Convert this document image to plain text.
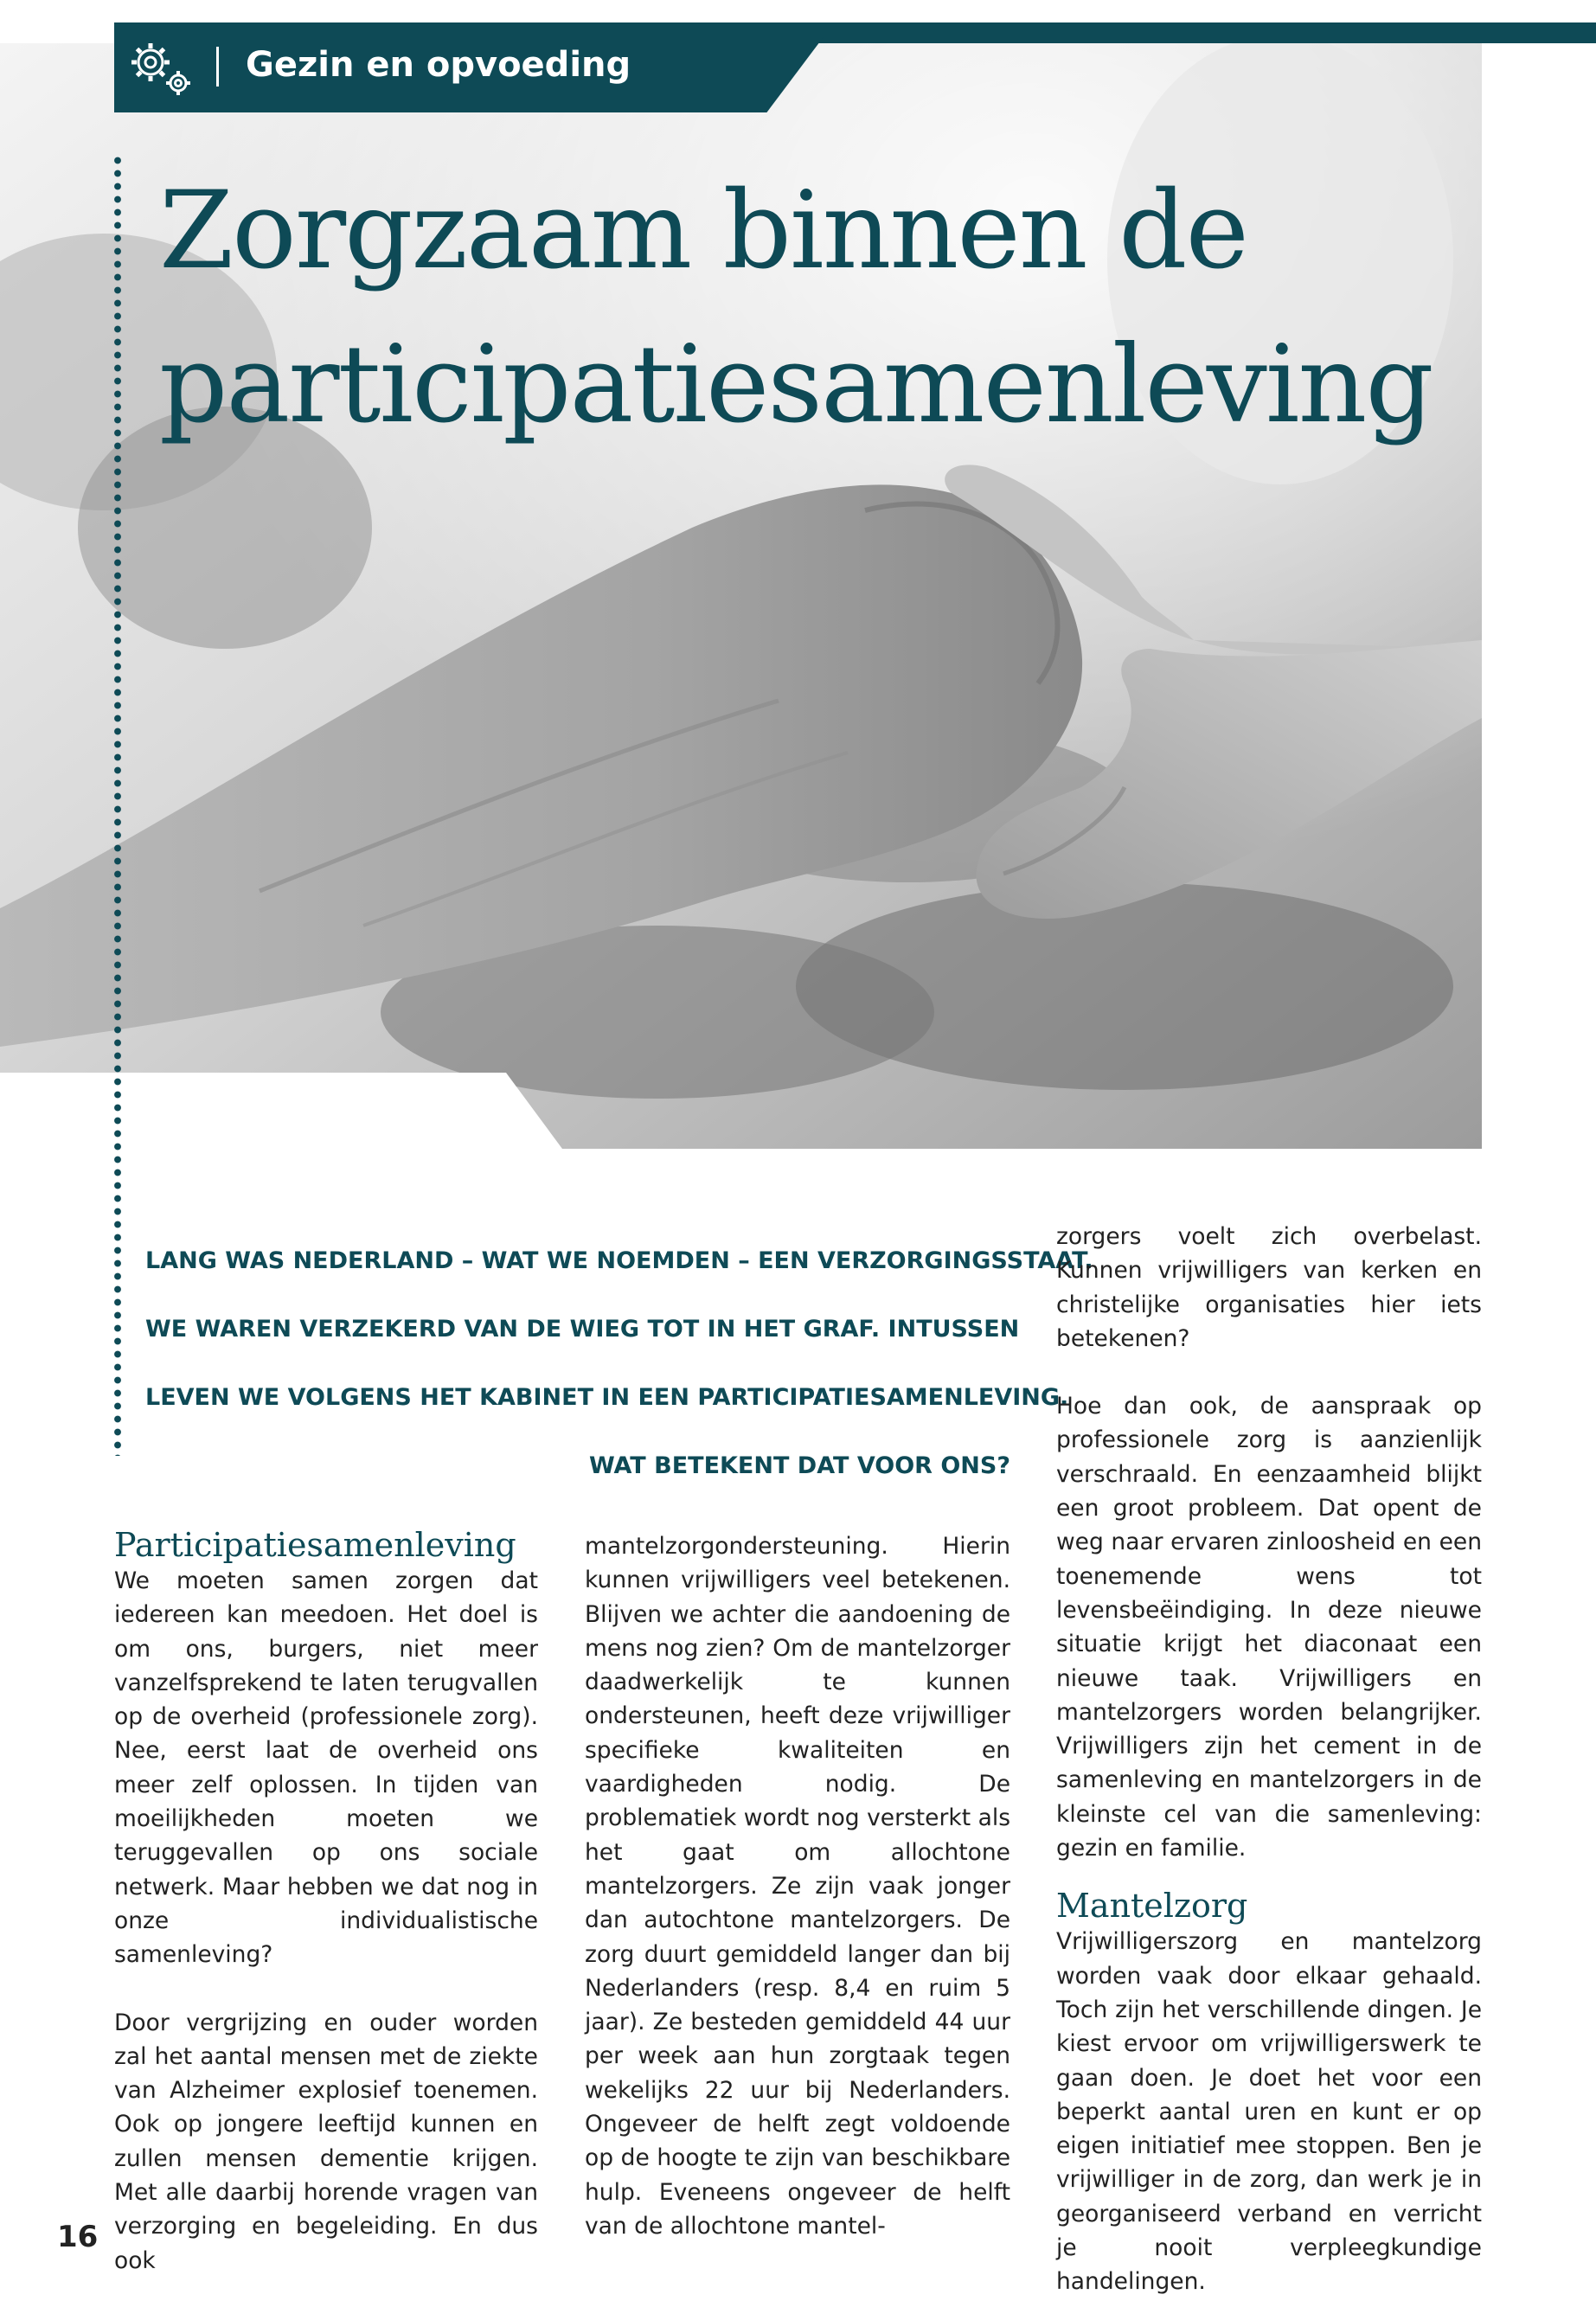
Gezin en opvoeding
Zorgzaam binnen de
participatiesamenleving
LANG WAS NEDERLAND – WAT WE NOEMDEN – EEN VERZORGINGSSTAAT.
WE WAREN VERZEKERD VAN DE WIEG TOT IN HET GRAF. INTUSSEN
LEVEN WE VOLGENS HET KABINET IN EEN PARTICIPATIESAMENLEVING.
WAT BETEKENT DAT VOOR ONS?
Participatiesamenleving

We moeten samen zorgen dat iedereen kan meedoen. Het doel is om ons, burgers, niet meer vanzelfsprekend te laten terugvallen op de overheid (professionele zorg). Nee, eerst laat de overheid ons meer zelf oplossen. In tijden van moeilijkheden moeten we teruggevallen op ons sociale netwerk. Maar hebben we dat nog in onze individualistische samenleving?

Door vergrijzing en ouder worden zal het aantal mensen met de ziekte van Alzheimer explosief toenemen. Ook op jongere leeftijd kunnen en zullen mensen dementie krijgen. Met alle daarbij horende vragen van verzorging en begeleiding. En dus ook

mantelzorgondersteuning. Hierin kunnen vrijwilligers veel betekenen. Blijven we achter die aandoening de mens nog zien? Om de mantelzorger daadwerkelijk te kunnen ondersteunen, heeft deze vrijwilliger specifieke kwaliteiten en vaardigheden nodig. De problematiek wordt nog versterkt als het gaat om allochtone mantelzorgers. Ze zijn vaak jonger dan autochtone mantelzorgers. De zorg duurt gemiddeld langer dan bij Nederlanders (resp. 8,4 en ruim 5 jaar). Ze besteden gemiddeld 44 uur per week aan hun zorgtaak tegen wekelijks 22 uur bij Nederlanders. Ongeveer de helft zegt voldoende op de hoogte te zijn van beschikbare hulp. Eveneens ongeveer de helft van de allochtone mantel-

zorgers voelt zich overbelast. Kunnen vrijwilligers van kerken en christelijke organisaties hier iets betekenen?

Hoe dan ook, de aanspraak op professionele zorg is aanzienlijk verschraald. En eenzaamheid blijkt een groot probleem. Dat opent de weg naar ervaren zinloosheid en een toenemende wens tot levensbeëindiging. In deze nieuwe situatie krijgt het diaconaat een nieuwe taak. Vrijwilligers en mantelzorgers worden belangrijker. Vrijwilligers zijn het cement in de samenleving en mantelzorgers in de kleinste cel van die samenleving: gezin en familie.

Mantelzorg

Vrijwilligerszorg en mantelzorg worden vaak door elkaar gehaald. Toch zijn het verschillende dingen. Je kiest ervoor om vrijwilligerswerk te gaan doen. Je doet het voor een beperkt aantal uren en kunt er op eigen initiatief mee stoppen. Ben je vrijwilliger in de zorg, dan werk je in georganiseerd verband en verricht je nooit verpleegkundige handelingen.

16
